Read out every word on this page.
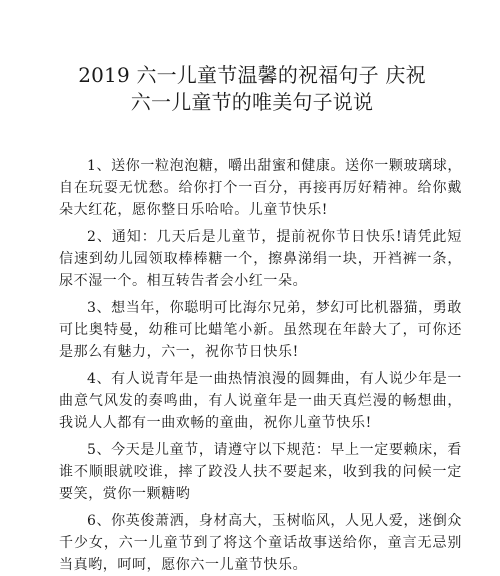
2019 六一儿童节温馨的祝福句子 庆祝六一儿童节的唯美句子说说

1、送你一粒泡泡糖，嚼出甜蜜和健康。送你一颗玻璃球，自在玩耍无忧愁。给你打个一百分，再接再厉好精神。给你戴朵大红花，愿你整日乐哈哈。儿童节快乐!

2、通知：几天后是儿童节，提前祝你节日快乐!请凭此短信速到幼儿园领取棒棒糖一个，擦鼻涕绢一块，开裆裤一条，尿不湿一个。相互转告者会小红一朵。

3、想当年，你聪明可比海尔兄弟，梦幻可比机器猫，勇敢可比奥特曼，幼稚可比蜡笔小新。虽然现在年龄大了，可你还是那么有魅力，六一，祝你节日快乐!

4、有人说青年是一曲热情浪漫的圆舞曲，有人说少年是一曲意气风发的奏鸣曲，有人说童年是一曲天真烂漫的畅想曲，我说人人都有一曲欢畅的童曲，祝你儿童节快乐!

5、今天是儿童节，请遵守以下规范：早上一定要赖床，看谁不顺眼就咬谁，摔了跤没人扶不要起来，收到我的问候一定要笑，赏你一颗糖哟

6、你英俊萧洒，身材高大，玉树临风，人见人爱，迷倒众千少女，六一儿童节到了将这个童话故事送给你，童言无忌别当真哟，呵呵，愿你六一儿童节快乐。
